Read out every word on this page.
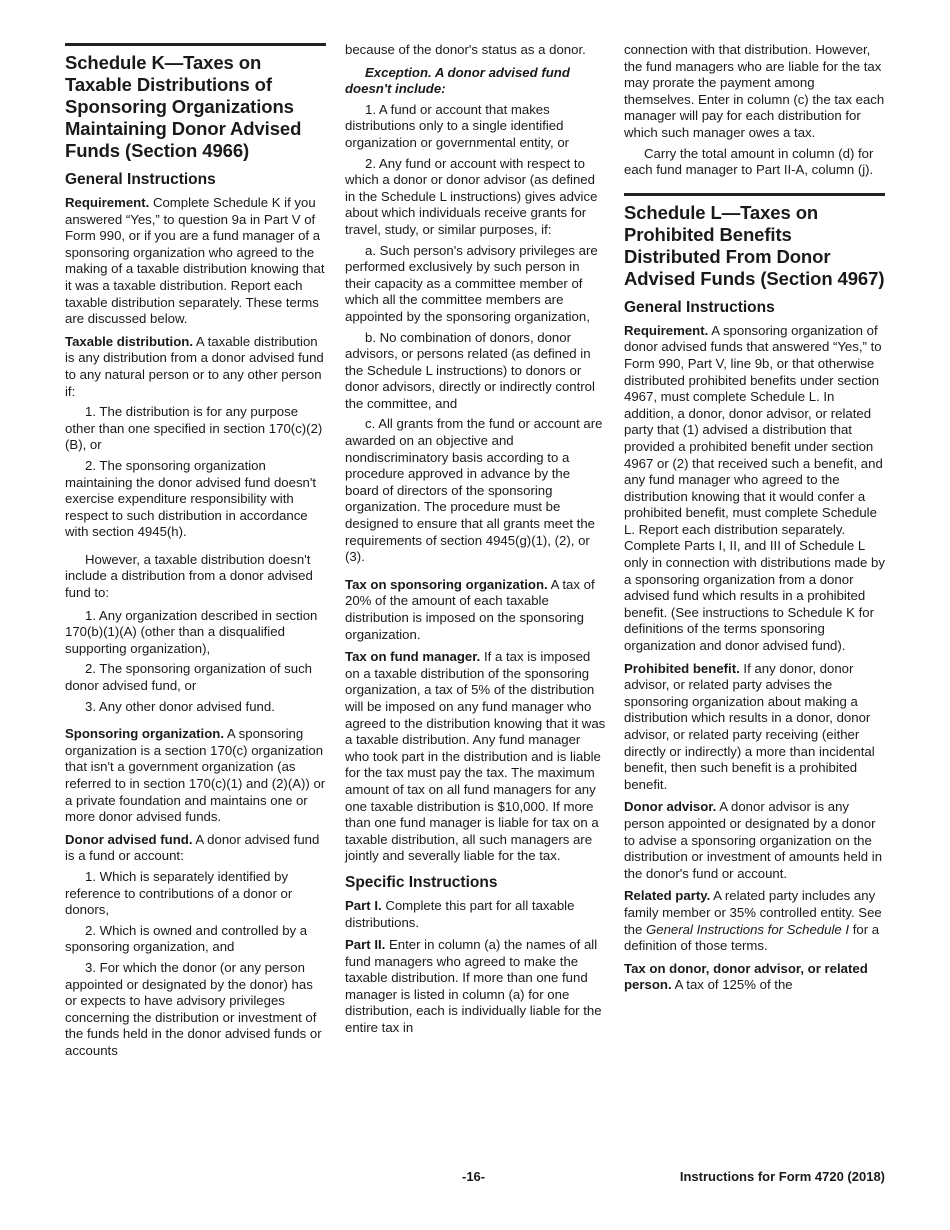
Schedule K—Taxes on Taxable Distributions of Sponsoring Organizations Maintaining Donor Advised Funds (Section 4966)
General Instructions

Requirement. Complete Schedule K if you answered “Yes,” to question 9a in Part V of Form 990, or if you are a fund manager of a sponsoring organization who agreed to the making of a taxable distribution knowing that it was a taxable distribution. Report each taxable distribution separately. These terms are discussed below.

Taxable distribution. A taxable distribution is any distribution from a donor advised fund to any natural person or to any other person if:

1. The distribution is for any purpose other than one specified in section 170(c)(2)(B), or

2. The sponsoring organization maintaining the donor advised fund doesn't exercise expenditure responsibility with respect to such distribution in accordance with section 4945(h).

However, a taxable distribution doesn't include a distribution from a donor advised fund to:

1. Any organization described in section 170(b)(1)(A) (other than a disqualified supporting organization),

2. The sponsoring organization of such donor advised fund, or

3. Any other donor advised fund.

Sponsoring organization. A sponsoring organization is a section 170(c) organization that isn't a government organization (as referred to in section 170(c)(1) and (2)(A)) or a private foundation and maintains one or more donor advised funds.

Donor advised fund. A donor advised fund is a fund or account:

1. Which is separately identified by reference to contributions of a donor or donors,

2. Which is owned and controlled by a sponsoring organization, and

3. For which the donor (or any person appointed or designated by the donor) has or expects to have advisory privileges concerning the distribution or investment of the funds held in the donor advised funds or accounts

because of the donor's status as a donor.

Exception. A donor advised fund doesn't include:

1. A fund or account that makes distributions only to a single identified organization or governmental entity, or

2. Any fund or account with respect to which a donor or donor advisor (as defined in the Schedule L instructions) gives advice about which individuals receive grants for travel, study, or similar purposes, if:

a. Such person's advisory privileges are performed exclusively by such person in their capacity as a committee member of which all the committee members are appointed by the sponsoring organization,

b. No combination of donors, donor advisors, or persons related (as defined in the Schedule L instructions) to donors or donor advisors, directly or indirectly control the committee, and

c. All grants from the fund or account are awarded on an objective and nondiscriminatory basis according to a procedure approved in advance by the board of directors of the sponsoring organization. The procedure must be designed to ensure that all grants meet the requirements of section 4945(g)(1), (2), or (3).

Tax on sponsoring organization. A tax of 20% of the amount of each taxable distribution is imposed on the sponsoring organization.

Tax on fund manager. If a tax is imposed on a taxable distribution of the sponsoring organization, a tax of 5% of the distribution will be imposed on any fund manager who agreed to the distribution knowing that it was a taxable distribution. Any fund manager who took part in the distribution and is liable for the tax must pay the tax. The maximum amount of tax on all fund managers for any one taxable distribution is $10,000. If more than one fund manager is liable for tax on a taxable distribution, all such managers are jointly and severally liable for the tax.

Specific Instructions

Part I. Complete this part for all taxable distributions.

Part II. Enter in column (a) the names of all fund managers who agreed to make the taxable distribution. If more than one fund manager is listed in column (a) for one distribution, each is individually liable for the entire tax in

connection with that distribution. However, the fund managers who are liable for the tax may prorate the payment among themselves. Enter in column (c) the tax each manager will pay for each distribution for which such manager owes a tax.

Carry the total amount in column (d) for each fund manager to Part II-A, column (j).

Schedule L—Taxes on Prohibited Benefits Distributed From Donor Advised Funds (Section 4967)
General Instructions

Requirement. A sponsoring organization of donor advised funds that answered “Yes,” to Form 990, Part V, line 9b, or that otherwise distributed prohibited benefits under section 4967, must complete Schedule L. In addition, a donor, donor advisor, or related party that (1) advised a distribution that provided a prohibited benefit under section 4967 or (2) that received such a benefit, and any fund manager who agreed to the distribution knowing that it would confer a prohibited benefit, must complete Schedule L. Report each distribution separately. Complete Parts I, II, and III of Schedule L only in connection with distributions made by a sponsoring organization from a donor advised fund which results in a prohibited benefit. (See instructions to Schedule K for definitions of the terms sponsoring organization and donor advised fund).

Prohibited benefit. If any donor, donor advisor, or related party advises the sponsoring organization about making a distribution which results in a donor, donor advisor, or related party receiving (either directly or indirectly) a more than incidental benefit, then such benefit is a prohibited benefit.

Donor advisor. A donor advisor is any person appointed or designated by a donor to advise a sponsoring organization on the distribution or investment of amounts held in the donor's fund or account.

Related party. A related party includes any family member or 35% controlled entity. See the General Instructions for Schedule I for a definition of those terms.

Tax on donor, donor advisor, or related person. A tax of 125% of the

-16-	Instructions for Form 4720 (2018)
